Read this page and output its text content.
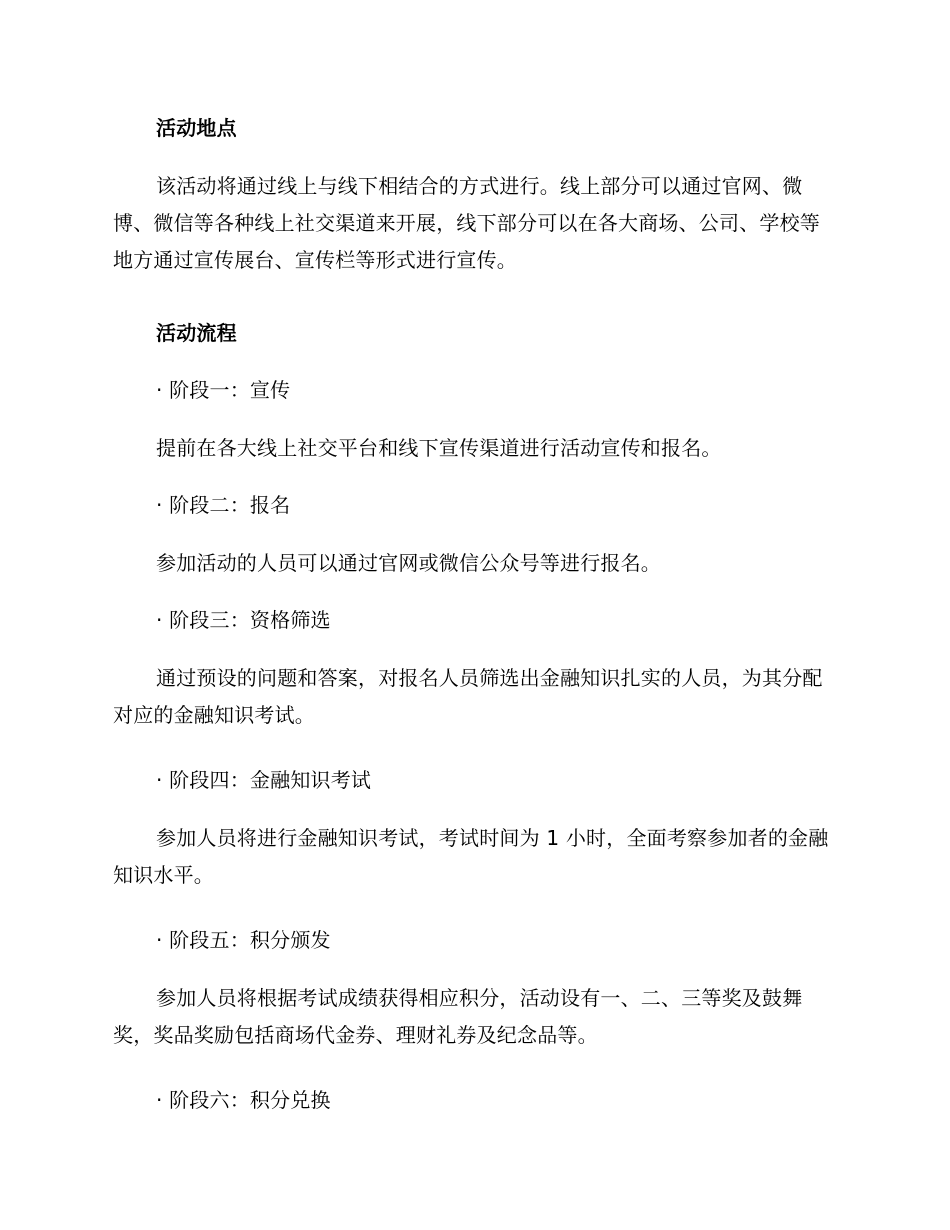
活动地点

该活动将通过线上与线下相结合的方式进行。线上部分可以通过官网、微博、微信等各种线上社交渠道来开展，线下部分可以在各大商场、公司、学校等地方通过宣传展台、宣传栏等形式进行宣传。

活动流程

· 阶段一：宣传

提前在各大线上社交平台和线下宣传渠道进行活动宣传和报名。

· 阶段二：报名

参加活动的人员可以通过官网或微信公众号等进行报名。

· 阶段三：资格筛选

通过预设的问题和答案，对报名人员筛选出金融知识扎实的人员，为其分配对应的金融知识考试。

· 阶段四：金融知识考试

参加人员将进行金融知识考试，考试时间为 1 小时，全面考察参加者的金融知识水平。

· 阶段五：积分颁发

参加人员将根据考试成绩获得相应积分，活动设有一、二、三等奖及鼓舞奖，奖品奖励包括商场代金券、理财礼券及纪念品等。

· 阶段六：积分兑换
